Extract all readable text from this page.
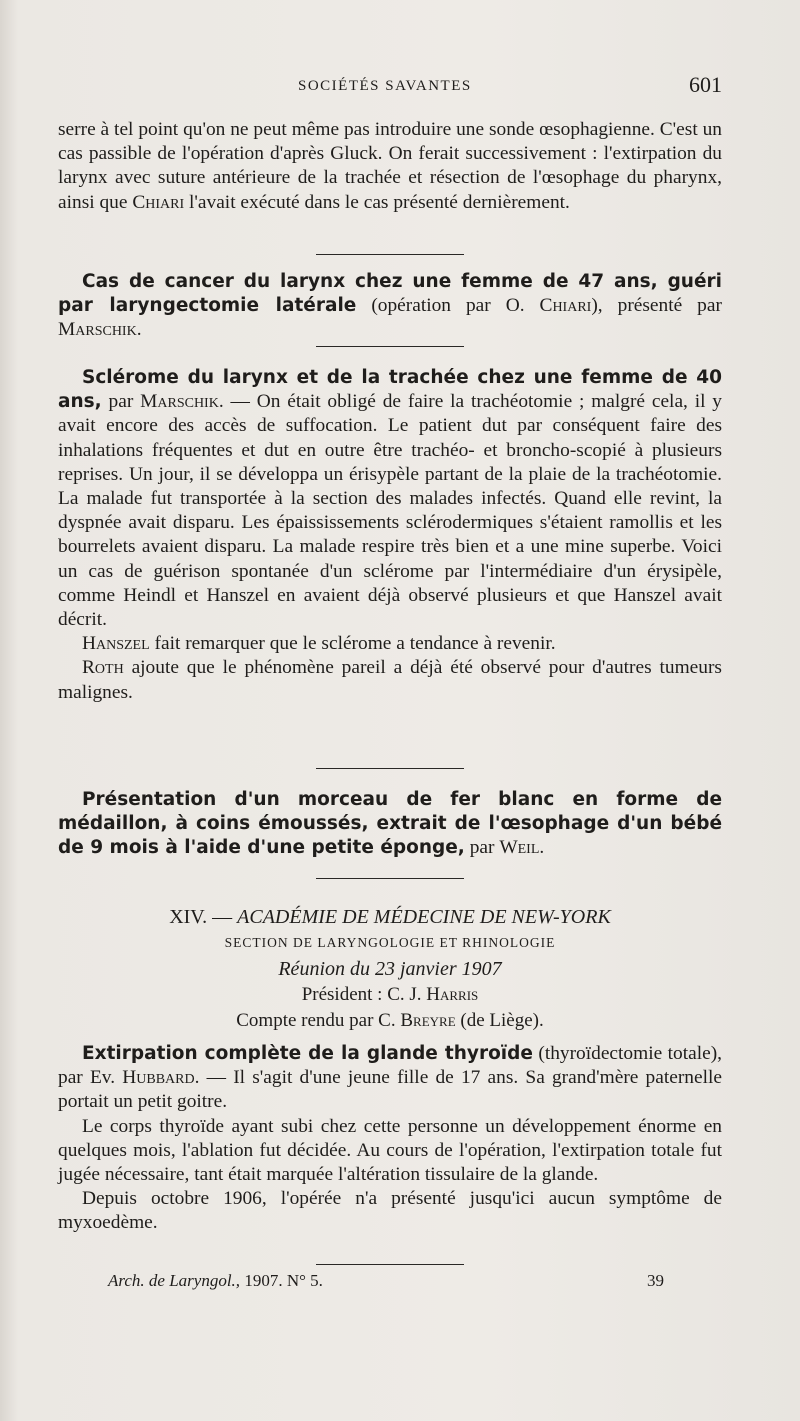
SOCIÉTÉS SAVANTES	601

serre à tel point qu'on ne peut même pas introduire une sonde œsophagienne. C'est un cas passible de l'opération d'après Gluck. On ferait successivement : l'extirpation du larynx avec suture antérieure de la trachée et résection de l'œsophage du pharynx, ainsi que Chiari l'avait exécuté dans le cas présenté dernièrement.

Cas de cancer du larynx chez une femme de 47 ans, guéri par laryngectomie latérale (opération par O. Chiari), présenté par Marschik.

Sclérome du larynx et de la trachée chez une femme de 40 ans, par Marschik. — On était obligé de faire la trachéotomie ; malgré cela, il y avait encore des accès de suffocation. Le patient dut par conséquent faire des inhalations fréquentes et dut en outre être trachéo- et broncho-scopié à plusieurs reprises. Un jour, il se développa un érisypèle partant de la plaie de la trachéotomie. La malade fut transportée à la section des malades infectés. Quand elle revint, la dyspnée avait disparu. Les épaississements sclérodermiques s'étaient ramollis et les bourrelets avaient disparu. La malade respire très bien et a une mine superbe. Voici un cas de guérison spontanée d'un sclérome par l'intermédiaire d'un érysipèle, comme Heindl et Hanszel en avaient déjà observé plusieurs et que Hanszel avait décrit.

Hanszel fait remarquer que le sclérome a tendance à revenir.

Roth ajoute que le phénomène pareil a déjà été observé pour d'autres tumeurs malignes.

Présentation d'un morceau de fer blanc en forme de médaillon, à coins émoussés, extrait de l'œsophage d'un bébé de 9 mois à l'aide d'une petite éponge, par Weil.

XIV. — ACADÉMIE DE MÉDECINE DE NEW-YORK
SECTION DE LARYNGOLOGIE ET RHINOLOGIE
Réunion du 23 janvier 1907
Président : C. J. Harris
Compte rendu par C. Breyre (de Liège).

Extirpation complète de la glande thyroïde (thyroïdectomie totale), par Ev. Hubbard. — Il s'agit d'une jeune fille de 17 ans. Sa grand'mère paternelle portait un petit goitre.

Le corps thyroïde ayant subi chez cette personne un développement énorme en quelques mois, l'ablation fut décidée. Au cours de l'opération, l'extirpation totale fut jugée nécessaire, tant était marquée l'altération tissulaire de la glande.

Depuis octobre 1906, l'opérée n'a présenté jusqu'ici aucun symptôme de myxoedème.

Arch. de Laryngol., 1907. N° 5.	39
